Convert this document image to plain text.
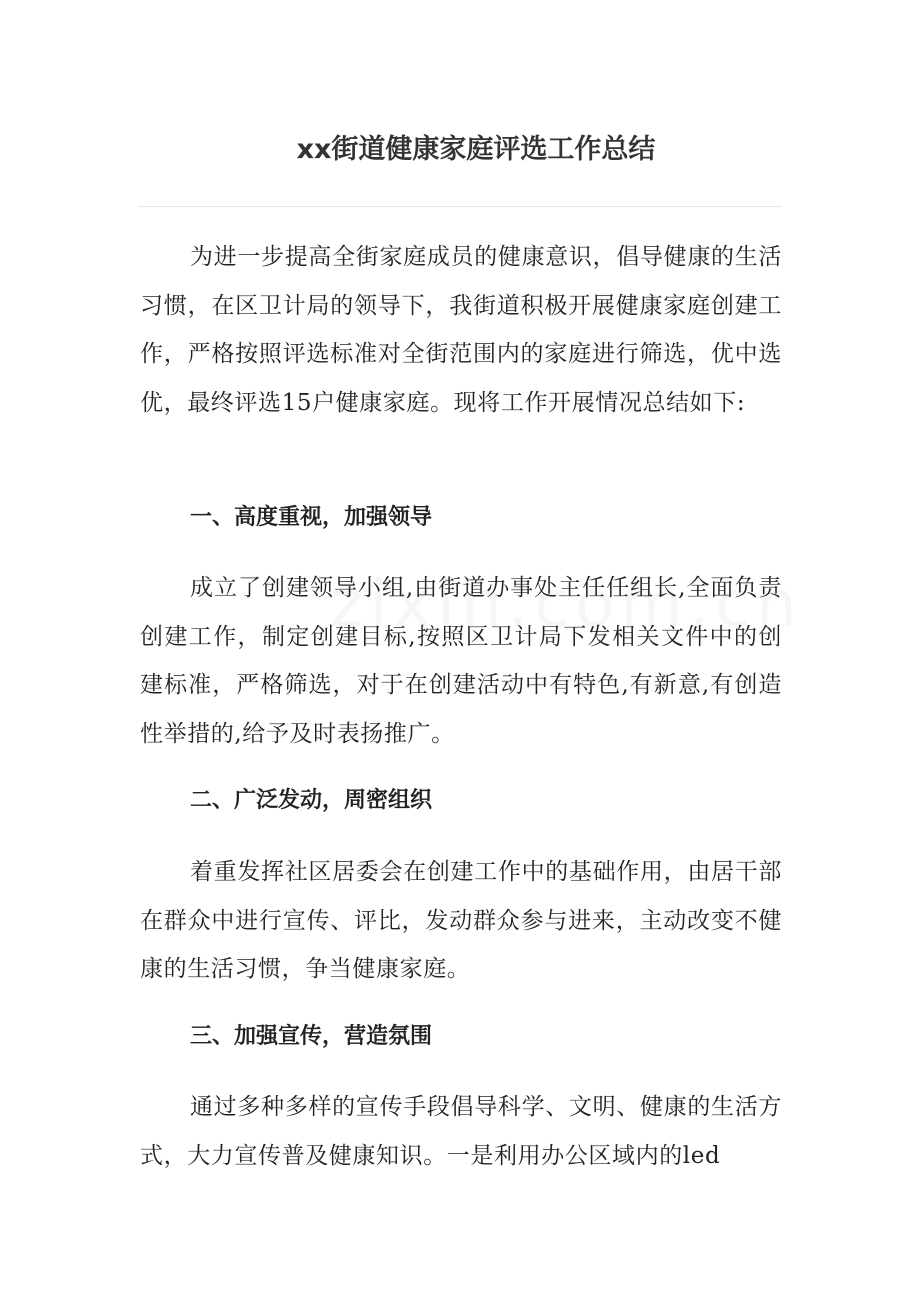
xx街道健康家庭评选工作总结

为进一步提高全街家庭成员的健康意识，倡导健康的生活习惯，在区卫计局的领导下，我街道积极开展健康家庭创建工作，严格按照评选标准对全街范围内的家庭进行筛选，优中选优，最终评选15户健康家庭。现将工作开展情况总结如下:

一、高度重视，加强领导

成立了创建领导小组,由街道办事处主任任组长,全面负责创建工作，制定创建目标,按照区卫计局下发相关文件中的创建标准，严格筛选，对于在创建活动中有特色,有新意,有创造性举措的,给予及时表扬推广。

二、广泛发动，周密组织

着重发挥社区居委会在创建工作中的基础作用，由居干部在群众中进行宣传、评比，发动群众参与进来，主动改变不健康的生活习惯，争当健康家庭。

三、加强宣传，营造氛围

通过多种多样的宣传手段倡导科学、文明、健康的生活方式，大力宣传普及健康知识。一是利用办公区域内的led
